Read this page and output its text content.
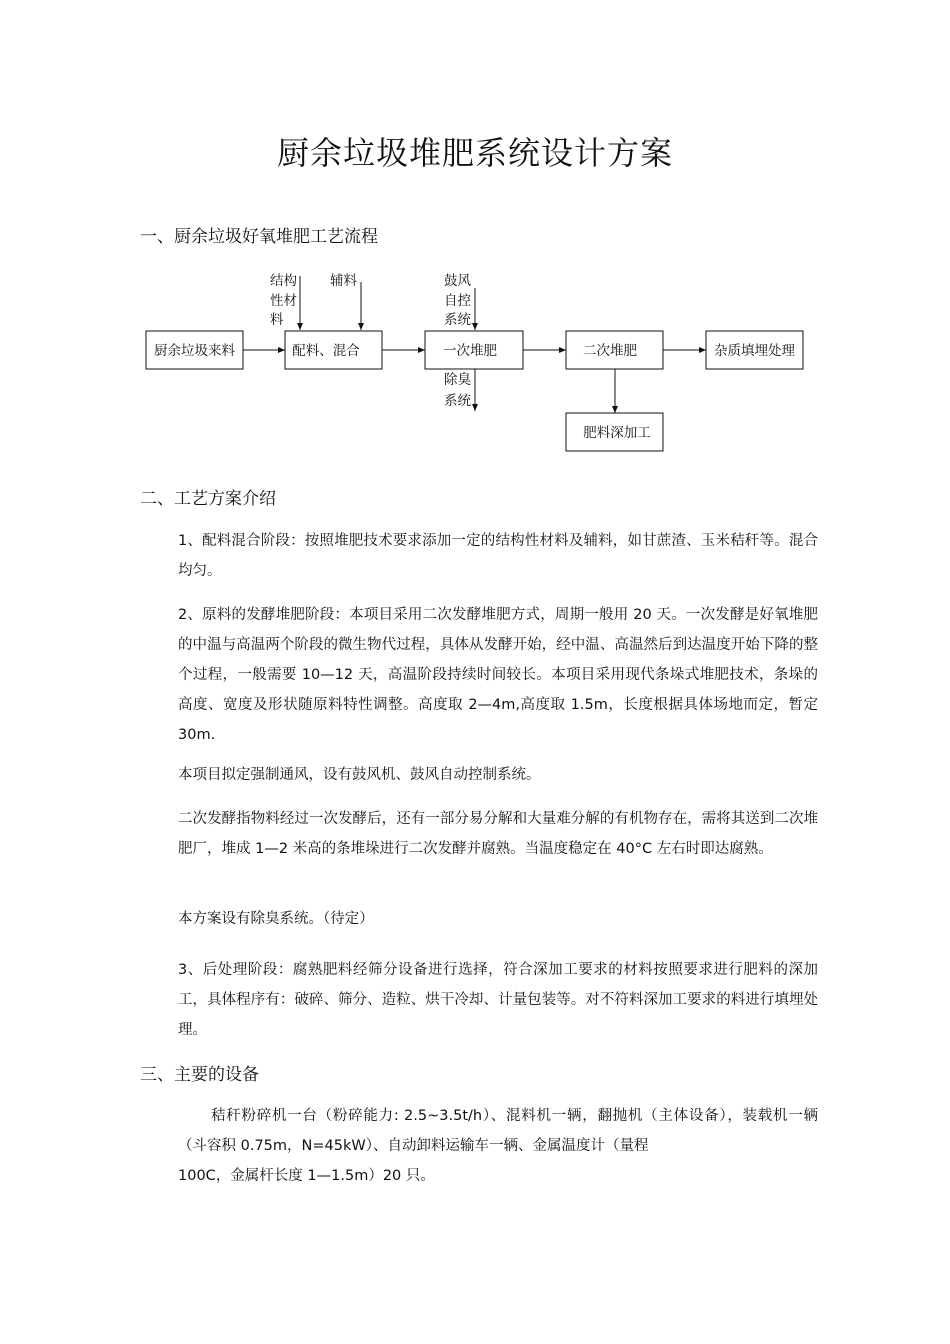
厨余垃圾堆肥系统设计方案
一、厨余垃圾好氧堆肥工艺流程
结构
性材
料
辅料	鼓风
自控
系统
厨余垃圾来料	配料、混合	一次堆肥	二次堆肥	杂质填埋处理
除臭
系统
肥料深加工
二、工艺方案介绍

1、配料混合阶段：按照堆肥技术要求添加一定的结构性材料及辅料，如甘蔗渣、玉米秸秆等。混合均匀。

2、原料的发酵堆肥阶段：本项目采用二次发酵堆肥方式，周期一般用 20 天。一次发酵是好氧堆肥的中温与高温两个阶段的微生物代过程，具体从发酵开始，经中温、高温然后到达温度开始下降的整个过程，一般需要 10—12 天，高温阶段持续时间较长。本项目采用现代条垛式堆肥技术，条垛的高度、宽度及形状随原料特性调整。高度取 2—4m,高度取 1.5m，长度根据具体场地而定，暂定 30m.

本项目拟定强制通风，设有鼓风机、鼓风自动控制系统。

二次发酵指物料经过一次发酵后，还有一部分易分解和大量难分解的有机物存在，需将其送到二次堆肥厂，堆成 1—2 米高的条堆垛进行二次发酵并腐熟。当温度稳定在 40°C 左右时即达腐熟。

本方案设有除臭系统。（待定）

3、后处理阶段：腐熟肥料经筛分设备进行选择，符合深加工要求的材料按照要求进行肥料的深加工，具体程序有：破碎、筛分、造粒、烘干冷却、计量包装等。对不符料深加工要求的料进行填埋处理。

三、主要的设备

秸秆粉碎机一台（粉碎能力: 2.5~3.5t/h）、混料机一辆，翻抛机（主体设备），装载机一辆（斗容积 0.75m，N=45kW）、自动卸料运输车一辆、金属温度计（量程

100C，金属杆长度 1—1.5m）20 只。
